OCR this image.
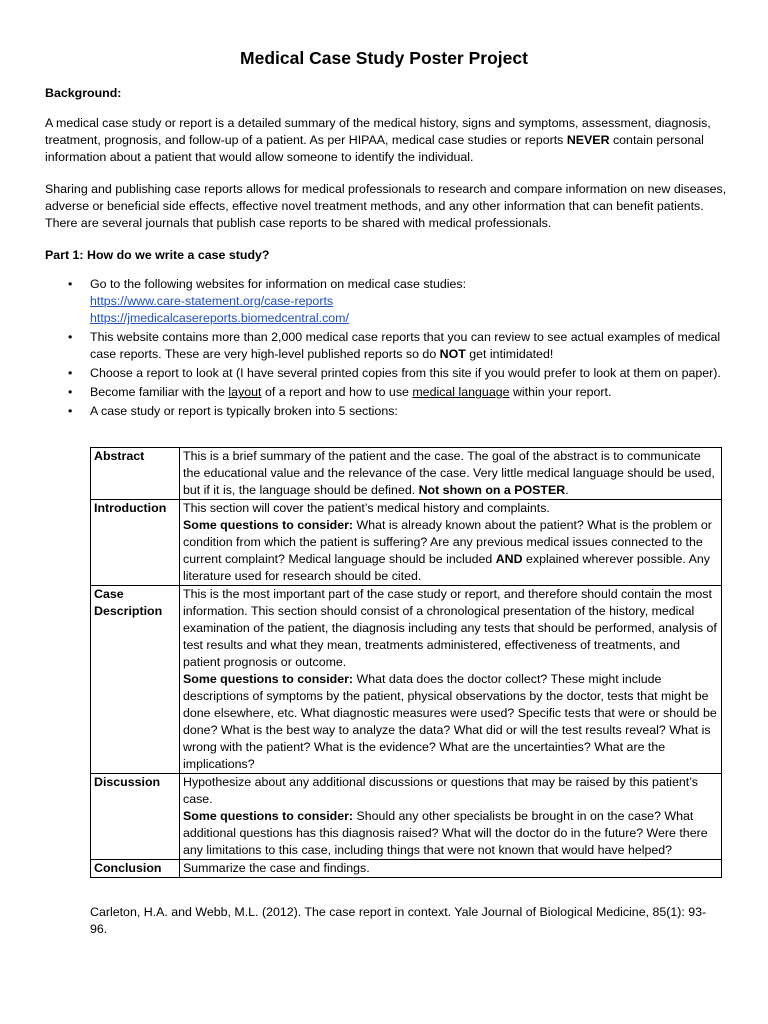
Medical Case Study Poster Project

Background:

A medical case study or report is a detailed summary of the medical history, signs and symptoms, assessment, diagnosis, treatment, prognosis, and follow-up of a patient. As per HIPAA, medical case studies or reports NEVER contain personal information about a patient that would allow someone to identify the individual.

Sharing and publishing case reports allows for medical professionals to research and compare information on new diseases, adverse or beneficial side effects, effective novel treatment methods, and any other information that can benefit patients. There are several journals that publish case reports to be shared with medical professionals.

Part 1: How do we write a case study?

• Go to the following websites for information on medical case studies:
https://www.care-statement.org/case-reports
https://jmedicalcasereports.biomedcentral.com/
• This website contains more than 2,000 medical case reports that you can review to see actual examples of medical case reports. These are very high-level published reports so do NOT get intimidated!
• Choose a report to look at (I have several printed copies from this site if you would prefer to look at them on paper).
• Become familiar with the layout of a report and how to use medical language within your report.
• A case study or report is typically broken into 5 sections:
Abstract	This is a brief summary of the patient and the case. The goal of the abstract is to communicate the educational value and the relevance of the case. Very little medical language should be used, but if it is, the language should be defined. Not shown on a POSTER.
Introduction	This section will cover the patient’s medical history and complaints.
Some questions to consider: What is already known about the patient? What is the problem or condition from which the patient is suffering? Are any previous medical issues connected to the current complaint? Medical language should be included AND explained wherever possible. Any literature used for research should be cited.
Case Description	This is the most important part of the case study or report, and therefore should contain the most information. This section should consist of a chronological presentation of the history, medical examination of the patient, the diagnosis including any tests that should be performed, analysis of test results and what they mean, treatments administered, effectiveness of treatments, and patient prognosis or outcome.
Some questions to consider: What data does the doctor collect? These might include descriptions of symptoms by the patient, physical observations by the doctor, tests that might be done elsewhere, etc. What diagnostic measures were used? Specific tests that were or should be done? What is the best way to analyze the data? What did or will the test results reveal? What is wrong with the patient? What is the evidence? What are the uncertainties? What are the implications?
Discussion	Hypothesize about any additional discussions or questions that may be raised by this patient’s case.
Some questions to consider: Should any other specialists be brought in on the case? What additional questions has this diagnosis raised? What will the doctor do in the future? Were there any limitations to this case, including things that were not known that would have helped?
Conclusion	Summarize the case and findings.

Carleton, H.A. and Webb, M.L. (2012). The case report in context. Yale Journal of Biological Medicine, 85(1): 93-96.
